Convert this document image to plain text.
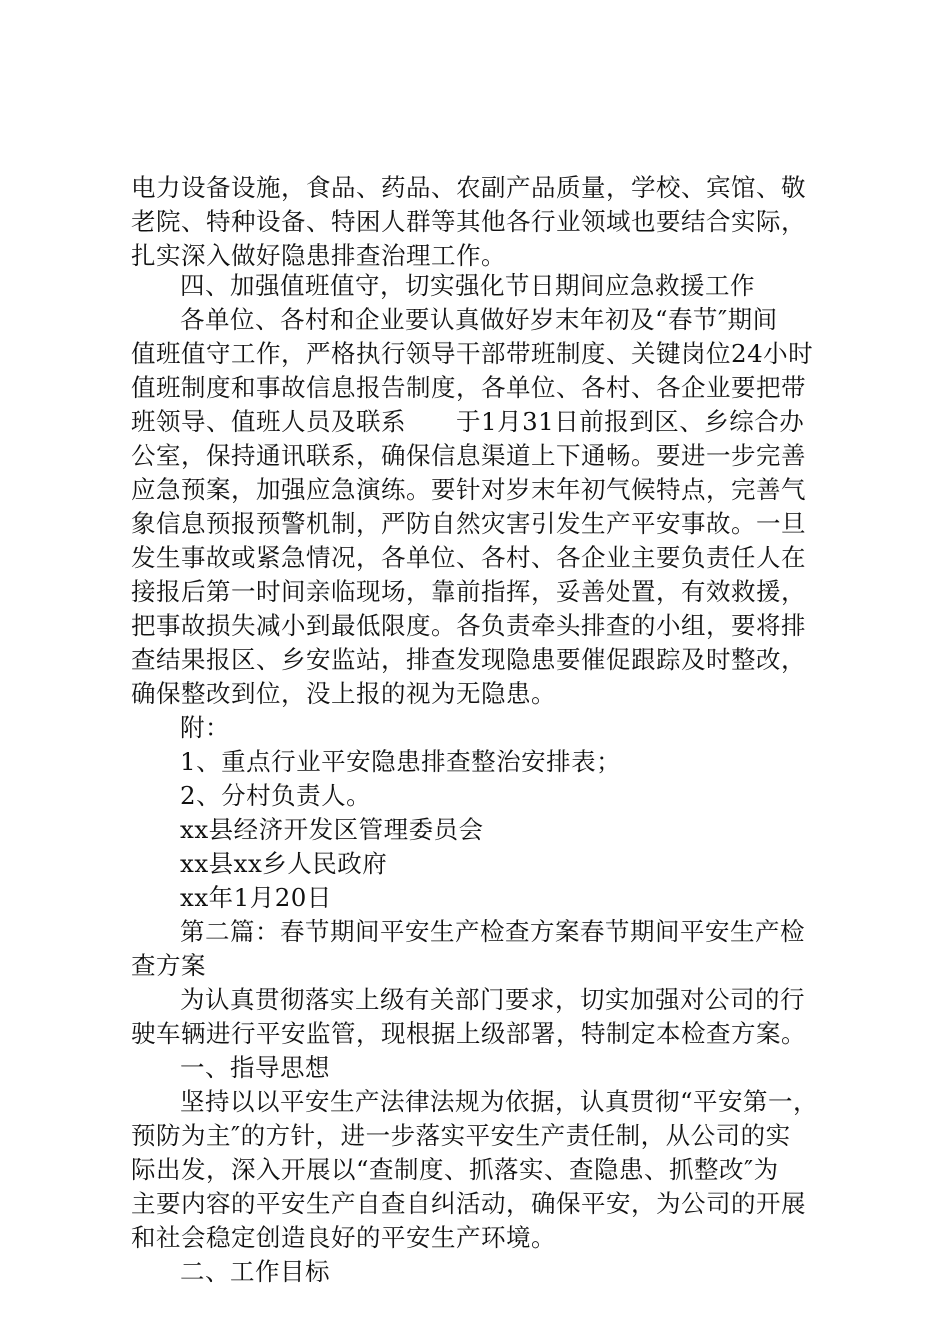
电力设备设施，食品、药品、农副产品质量，学校、宾馆、敬
老院、特种设备、特困人群等其他各行业领域也要结合实际，
扎实深入做好隐患排查治理工作。
四、加强值班值守，切实强化节日期间应急救援工作
各单位、各村和企业要认真做好岁末年初及“春节″期间
值班值守工作，严格执行领导干部带班制度、关键岗位24小时
值班制度和事故信息报告制度，各单位、各村、各企业要把带
班领导、值班人员及联系　　于1月31日前报到区、乡综合办
公室，保持通讯联系，确保信息渠道上下通畅。要进一步完善
应急预案，加强应急演练。要针对岁末年初气候特点，完善气
象信息预报预警机制，严防自然灾害引发生产平安事故。一旦
发生事故或紧急情况，各单位、各村、各企业主要负责任人在
接报后第一时间亲临现场，靠前指挥，妥善处置，有效救援，
把事故损失减小到最低限度。各负责牵头排查的小组，要将排
查结果报区、乡安监站，排查发现隐患要催促跟踪及时整改，
确保整改到位，没上报的视为无隐患。
附：
1、重点行业平安隐患排查整治安排表；
2、分村负责人。
xx县经济开发区管理委员会
xx县xx乡人民政府
xx年1月20日
第二篇：春节期间平安生产检查方案春节期间平安生产检
查方案
为认真贯彻落实上级有关部门要求，切实加强对公司的行
驶车辆进行平安监管，现根据上级部署，特制定本检查方案。
一、指导思想
坚持以以平安生产法律法规为依据，认真贯彻“平安第一，
预防为主″的方针，进一步落实平安生产责任制，从公司的实
际出发，深入开展以“查制度、抓落实、查隐患、抓整改″为
主要内容的平安生产自查自纠活动，确保平安，为公司的开展
和社会稳定创造良好的平安生产环境。
二、工作目标
